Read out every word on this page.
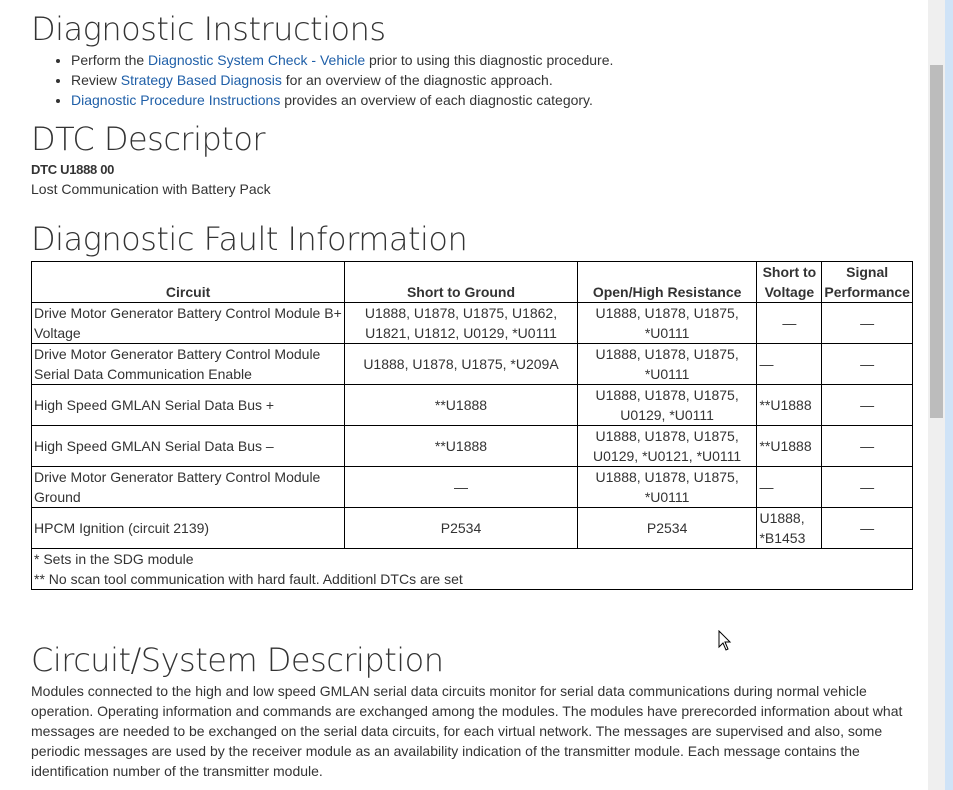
Diagnostic Instructions
• Perform the Diagnostic System Check - Vehicle prior to using this diagnostic procedure.
• Review Strategy Based Diagnosis for an overview of the diagnostic approach.
• Diagnostic Procedure Instructions provides an overview of each diagnostic category.
DTC Descriptor
DTC U1888 00
Lost Communication with Battery Pack
Diagnostic Fault Information
Circuit	Short to Ground	Open/High Resistance	Short to Voltage	Signal Performance
Drive Motor Generator Battery Control Module B+ Voltage	U1888, U1878, U1875, U1862, U1821, U1812, U0129, *U0111	U1888, U1878, U1875, *U0111	—	—
Drive Motor Generator Battery Control Module Serial Data Communication Enable	U1888, U1878, U1875, *U209A	U1888, U1878, U1875, *U0111	—	—
High Speed GMLAN Serial Data Bus +	**U1888	U1888, U1878, U1875, U0129, *U0111	**U1888	—
High Speed GMLAN Serial Data Bus –	**U1888	U1888, U1878, U1875, U0129, *U0121, *U0111	**U1888	—
Drive Motor Generator Battery Control Module Ground	—	U1888, U1878, U1875, *U0111	—	—
HPCM Ignition (circuit 2139)	P2534	P2534	U1888, *B1453	—

* Sets in the SDG module
** No scan tool communication with hard fault. Additionl DTCs are set				
Circuit/System Description
Modules connected to the high and low speed GMLAN serial data circuits monitor for serial data communications during normal vehicle operation. Operating information and commands are exchanged among the modules. The modules have prerecorded information about what messages are needed to be exchanged on the serial data circuits, for each virtual network. The messages are supervised and also, some periodic messages are used by the receiver module as an availability indication of the transmitter module. Each message contains the identification number of the transmitter module.
